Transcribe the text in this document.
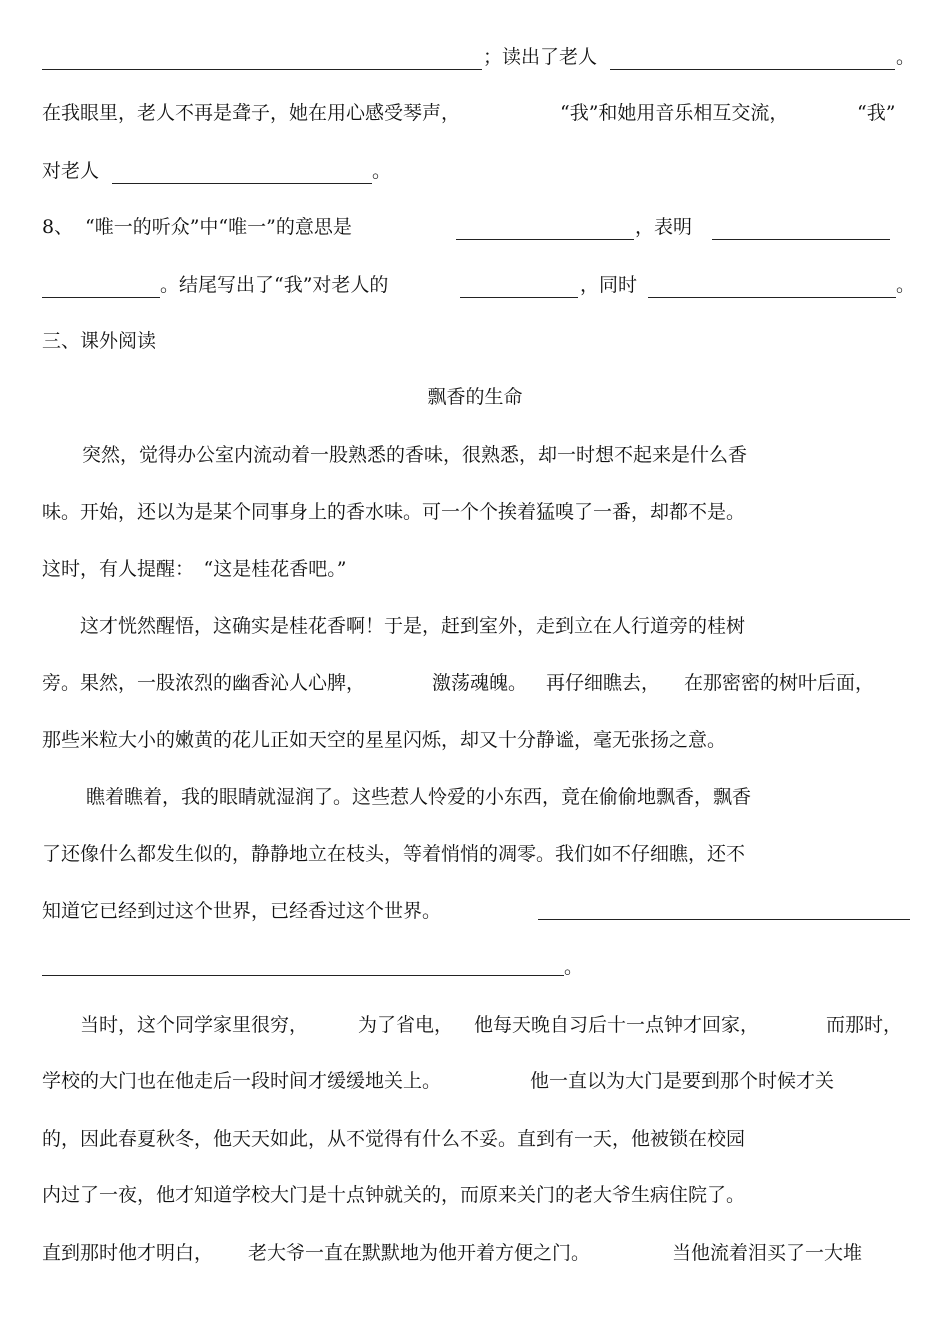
；读出了老人	。
在我眼里，老人不再是聋子，她在用心感受琴声，	“我”和她用音乐相互交流，	“我”
对老人	。
8、 “唯一的听众”中“唯一”的意思是	，表明
。结尾写出了“我”对老人的	，同时	。
三、课外阅读
飘香的生命
突然，觉得办公室内流动着一股熟悉的香味，很熟悉，却一时想不起来是什么香
味。开始，还以为是某个同事身上的香水味。可一个个挨着猛嗅了一番，却都不是。
这时，有人提醒：　“这是桂花香吧。”
这才恍然醒悟，这确实是桂花香啊！于是，赶到室外，走到立在人行道旁的桂树
旁。果然，一股浓烈的幽香沁人心脾，	激荡魂魄。 再仔细瞧去， 在那密密的树叶后面，
那些米粒大小的嫩黄的花儿正如天空的星星闪烁，却又十分静谧，毫无张扬之意。
瞧着瞧着，我的眼睛就湿润了。这些惹人怜爱的小东西，竟在偷偷地飘香，飘香
了还像什么都发生似的，静静地立在枝头，等着悄悄的凋零。我们如不仔细瞧，还不
知道它已经到过这个世界，已经香过这个世界。
。
当时，这个同学家里很穷，	为了省电， 他每天晚自习后十一点钟才回家，	而那时，
学校的大门也在他走后一段时间才缓缓地关上。	他一直以为大门是要到那个时候才关
的，因此春夏秋冬，他天天如此，从不觉得有什么不妥。直到有一天，他被锁在校园
内过了一夜，他才知道学校大门是十点钟就关的，而原来关门的老大爷生病住院了。
直到那时他才明白， 老大爷一直在默默地为他开着方便之门。	当他流着泪买了一大堆
